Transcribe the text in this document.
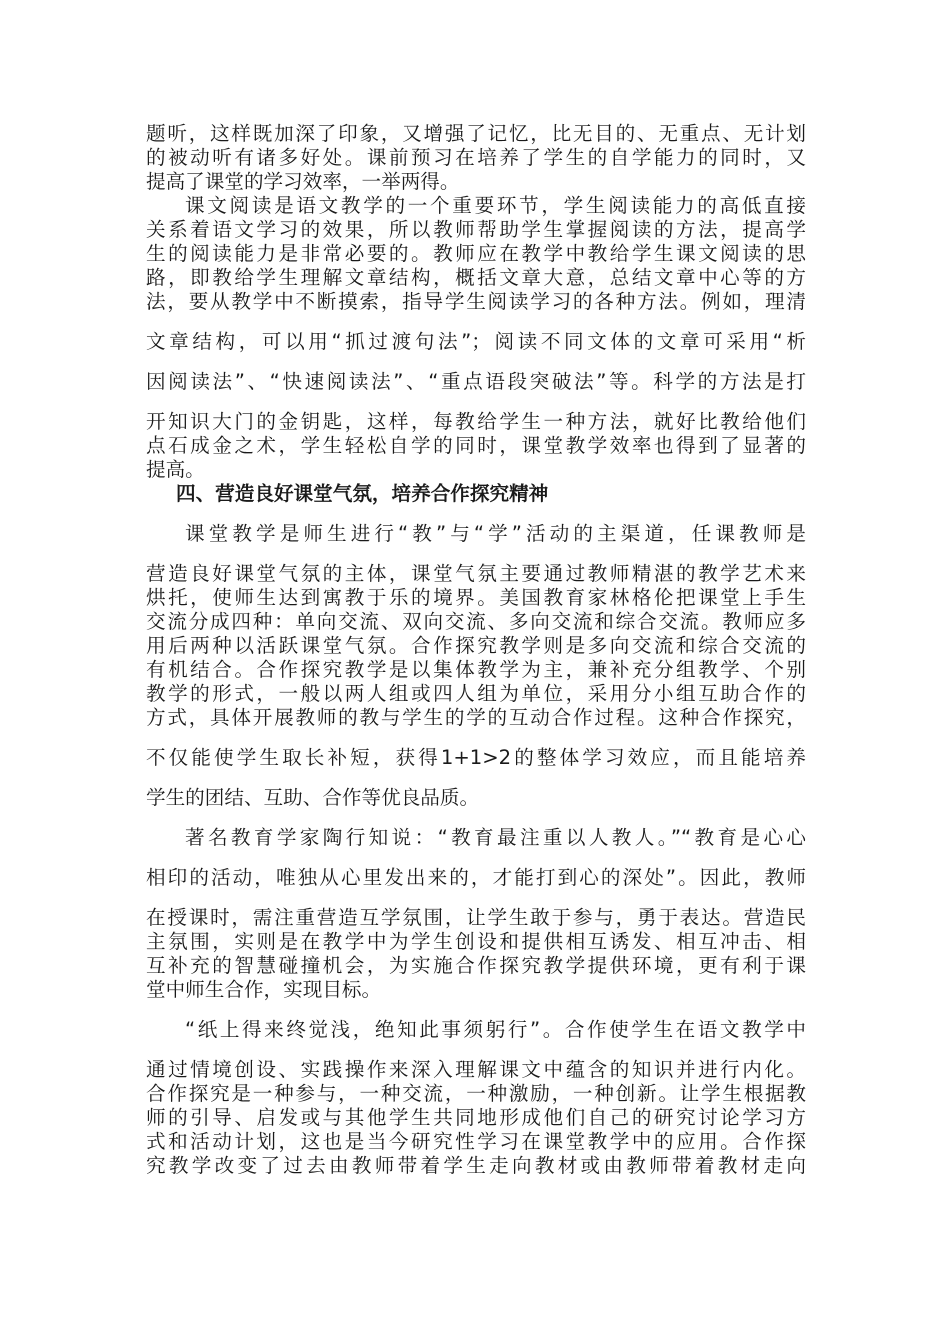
题听，这样既加深了印象，又增强了记忆，比无目的、无重点、无计划
的被动听有诸多好处。课前预习在培养了学生的自学能力的同时，又
提高了课堂的学习效率，一举两得。
课文阅读是语文教学的一个重要环节，学生阅读能力的高低直接
关系着语文学习的效果，所以教师帮助学生掌握阅读的方法，提高学
生的阅读能力是非常必要的。教师应在教学中教给学生课文阅读的思
路，即教给学生理解文章结构，概括文章大意，总结文章中心等的方
法，要从教学中不断摸索，指导学生阅读学习的各种方法。例如，理清
文章结构，可以用“抓过渡句法”；阅读不同文体的文章可采用“析
因阅读法”、“快速阅读法”、“重点语段突破法”等。科学的方法是打
开知识大门的金钥匙，这样，每教给学生一种方法，就好比教给他们
点石成金之术，学生轻松自学的同时，课堂教学效率也得到了显著的
提高。
四、营造良好课堂气氛，培养合作探究精神
课堂教学是师生进行“教”与“学”活动的主渠道，任课教师是
营造良好课堂气氛的主体，课堂气氛主要通过教师精湛的教学艺术来
烘托，使师生达到寓教于乐的境界。美国教育家林格伦把课堂上手生
交流分成四种：单向交流、双向交流、多向交流和综合交流。教师应多
用后两种以活跃课堂气氛。合作探究教学则是多向交流和综合交流的
有机结合。合作探究教学是以集体教学为主，兼补充分组教学、个别
教学的形式，一般以两人组或四人组为单位，采用分小组互助合作的
方式，具体开展教师的教与学生的学的互动合作过程。这种合作探究，
不仅能使学生取长补短，获得1+1>2的整体学习效应，而且能培养
学生的团结、互助、合作等优良品质。
著名教育学家陶行知说：“教育最注重以人教人。”“教育是心心
相印的活动，唯独从心里发出来的，才能打到心的深处”。因此，教师
在授课时，需注重营造互学氛围，让学生敢于参与，勇于表达。营造民
主氛围，实则是在教学中为学生创设和提供相互诱发、相互冲击、相
互补充的智慧碰撞机会，为实施合作探究教学提供环境，更有利于课
堂中师生合作，实现目标。
“纸上得来终觉浅，绝知此事须躬行”。合作使学生在语文教学中
通过情境创设、实践操作来深入理解课文中蕴含的知识并进行内化。
合作探究是一种参与，一种交流，一种激励，一种创新。让学生根据教
师的引导、启发或与其他学生共同地形成他们自己的研究讨论学习方
式和活动计划，这也是当今研究性学习在课堂教学中的应用。合作探
究教学改变了过去由教师带着学生走向教材或由教师带着教材走向
